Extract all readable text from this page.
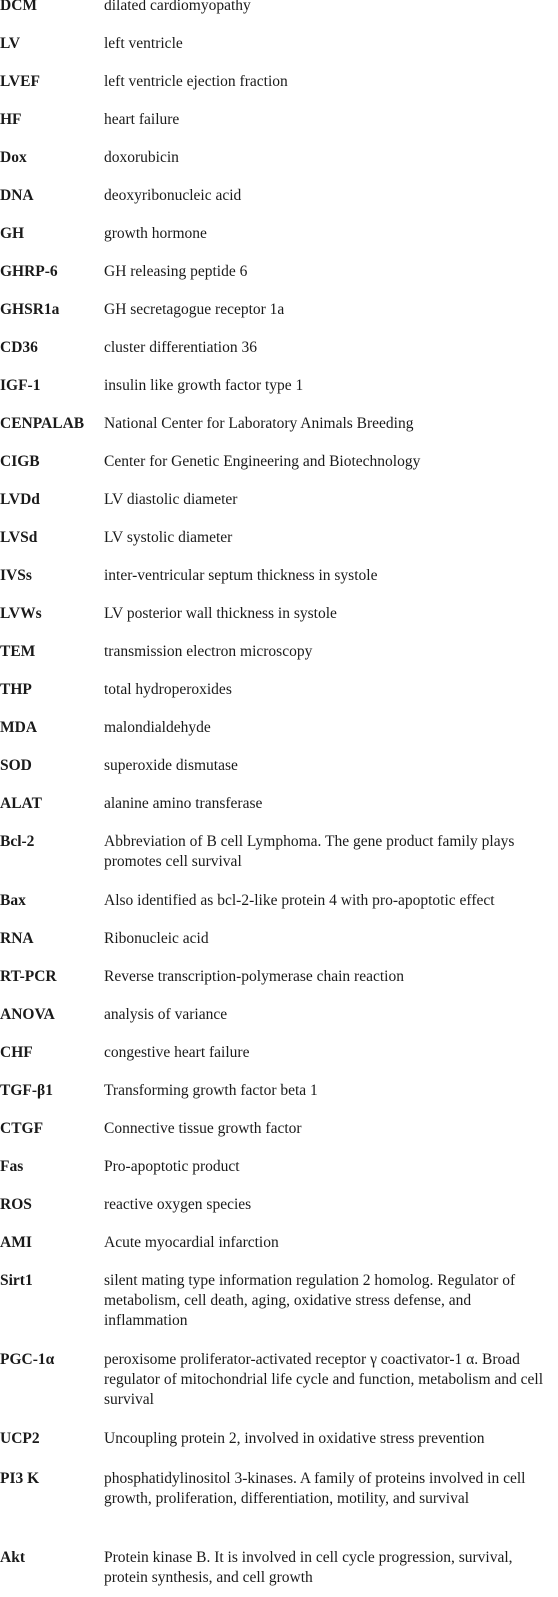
DCM	dilated cardiomyopathy
LV	left ventricle
LVEF	left ventricle ejection fraction
HF	heart failure
Dox	doxorubicin
DNA	deoxyribonucleic acid
GH	growth hormone
GHRP-6	GH releasing peptide 6
GHSR1a	GH secretagogue receptor 1a
CD36	cluster differentiation 36
IGF-1	insulin like growth factor type 1
CENPALAB	National Center for Laboratory Animals Breeding
CIGB	Center for Genetic Engineering and Biotechnology
LVDd	LV diastolic diameter
LVSd	LV systolic diameter
IVSs	inter-ventricular septum thickness in systole
LVWs	LV posterior wall thickness in systole
TEM	transmission electron microscopy
THP	total hydroperoxides
MDA	malondialdehyde
SOD	superoxide dismutase
ALAT	alanine amino transferase
Bcl-2	Abbreviation of B cell Lymphoma. The gene product family plays promotes cell survival
Bax	Also identified as bcl-2-like protein 4 with pro-apoptotic effect
RNA	Ribonucleic acid
RT-PCR	Reverse transcription-polymerase chain reaction
ANOVA	analysis of variance
CHF	congestive heart failure
TGF-β1	Transforming growth factor beta 1
CTGF	Connective tissue growth factor
Fas	Pro-apoptotic product
ROS	reactive oxygen species
AMI	Acute myocardial infarction
Sirt1	silent mating type information regulation 2 homolog. Regulator of metabolism, cell death, aging, oxidative stress defense, and inflammation
PGC-1α	peroxisome proliferator-activated receptor γ coactivator-1 α. Broad regulator of mitochondrial life cycle and function, metabolism and cell survival
UCP2	Uncoupling protein 2, involved in oxidative stress prevention
PI3 K	phosphatidylinositol 3-kinases. A family of proteins involved in cell growth, proliferation, differentiation, motility, and survival
Akt	Protein kinase B. It is involved in cell cycle progression, survival, protein synthesis, and cell growth
